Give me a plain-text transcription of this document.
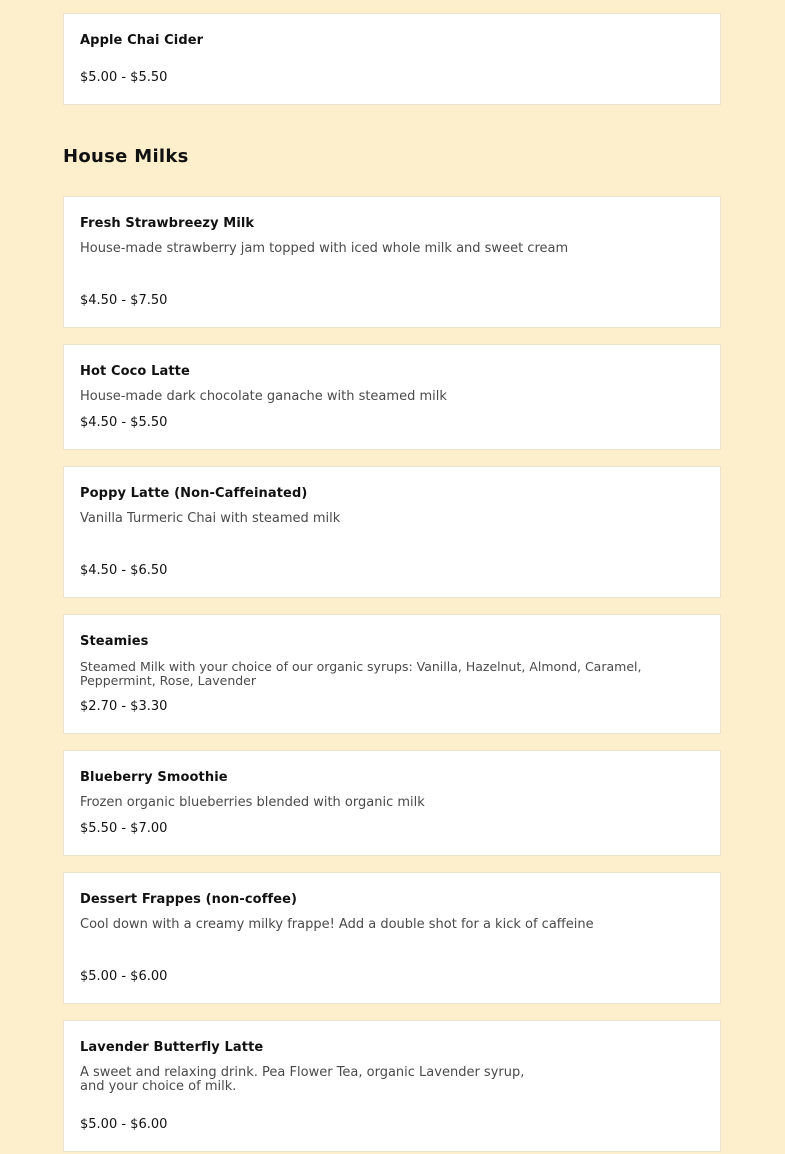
Apple Chai Cider
$5.00 - $5.50
House Milks
Fresh Strawbreezy Milk
House-made strawberry jam topped with iced whole milk and sweet cream
$4.50 - $7.50
Hot Coco Latte
House-made dark chocolate ganache with steamed milk
$4.50 - $5.50
Poppy Latte (Non-Caffeinated)
Vanilla Turmeric Chai with steamed milk
$4.50 - $6.50
Steamies
Steamed Milk with your choice of our organic syrups: Vanilla, Hazelnut, Almond, Caramel, Peppermint, Rose, Lavender
$2.70 - $3.30
Blueberry Smoothie
Frozen organic blueberries blended with organic milk
$5.50 - $7.00
Dessert Frappes (non-coffee)
Cool down with a creamy milky frappe! Add a double shot for a kick of caffeine
$5.00 - $6.00
Lavender Butterfly Latte
A sweet and relaxing drink. Pea Flower Tea, organic Lavender syrup, and your choice of milk.
$5.00 - $6.00
